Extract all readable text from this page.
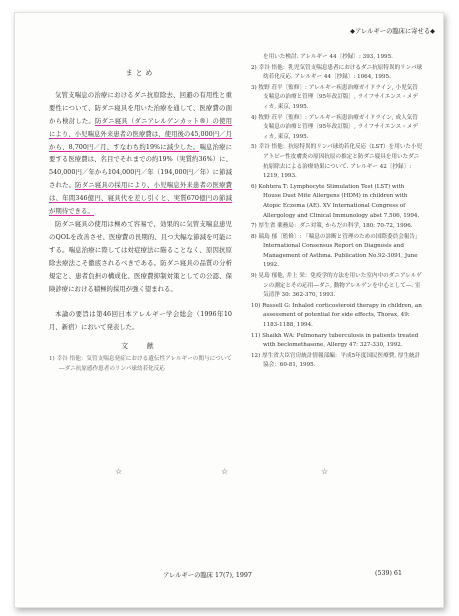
◆アレルギーの臨床に寄せる◆
まとめ

気管支喘息の治療におけるダニ抗原除去、回避の有用性と重要性について、防ダニ寝具を用いた治療を通して、医療費の面から検討した。防ダニ寝具（ダニアレルゲンカット®）の使用により、小児喘息外来患者の医療費は、使用後の45,000円／月から、8,700円／月、すなわち約19%に減少した。喘息治療に要する医療費は、名目でそれまでの約19%（実質約36%）に、540,000円／年から104,000円／年（194,000円／年）に節減された。防ダニ寝具の採用により、小児喘息外来患者の医療費は、年間346億円、寝具代を差し引くと、実質670億円の節減が期待できる。

防ダニ寝具の使用は極めて容易で、効果的に気管支喘息患児のQOLを改善させ、医療費の長期的、且つ大幅な節減を可能にする。喘息治療に際しては対症療法に陥ることなく、原因抗原除去療法こそ徹底されるべきである。防ダニ寝具の品質の分析規定と、患者負担の構成化、医療費抑制対策としての公認、保険診療における積極的採用が強く望まれる。

本論の要旨は第46回日本アレルギー学会総会（1996年10月、新宿）において発表した。

文　献

1) 幸谷 悟他：気管支喘息発症における遺伝性アレルギーの関与について―ダニ抗原感作患者のリンパ球幼若化反応

を用いた検討. アレルギー 44〔抄録〕: 393, 1995.

2) 幸谷 悟他：乳児気管支喘息患者におけるダニ抗原特異的リンパ球幼若化反応. アレルギー 44〔抄録〕: 1064, 1995.

3) 牧野 荘平〔監修〕: アレルギー疾患治療ガイドライン, 小児気管支喘息の治療と管理〔95年改訂版〕, ライフサイエンス・メディカ, 東京, 1995.

4) 牧野 荘平〔監修〕: アレルギー疾患治療ガイドライン, 成人気管支喘息の治療と管理〔95年改訂版〕, ライフサイエンス・メディカ, 東京, 1995.

5) 幸谷 悟他：抗原特異的リンパ球幼若化反応（LST）を用いた小児アトピー性皮膚炎の原因抗原の推定と防ダニ寝具を用いたダニ抗原除去による治療効果について. アレルギー 42〔抄録〕: 1219, 1993.

6) Kohtera T: Lymphocyte Stimulation Test (LST) with House Dust Mite Allergens (HDM) in children with Atopic Eczema (AE). XV International Congress of Allergology and Clinical Immunology abst 7.506, 1994.

7) 厚生省 薬務局：ダニ対策, からだの科学, 180: 70-72, 1996.

8) 瑞島 郁〔監修〕: 「喘息の診断と管理のための国際委員会報告」International Consensus Report on Diagnosis and Management of Asthma. Publication No.92-3091, June 1992.

9) 見島 郁他, 井上 栄：免疫学的方法を用いた室内中のダニアレルゲンの測定とその応用―ダニ, 動物アレルゲンを中心として―. 室気清浄 30: 362-370, 1993.

10) Russell G: Inhaled corticosteroid therapy in children, an assessment of potential for side effects, Thorax, 49: 1183-1188, 1994.

11) Shaikh WA: Pulmonary tuberculosis in patients treated with beclomethasone, Allergy 47: 327-330, 1992.

12) 厚生省大臣官房統計情報部編：平成5年度国民医療費, 厚生統計協会：60-81, 1995.

☆	☆	☆
アレルギーの臨床 17(7), 1997	(539) 61
